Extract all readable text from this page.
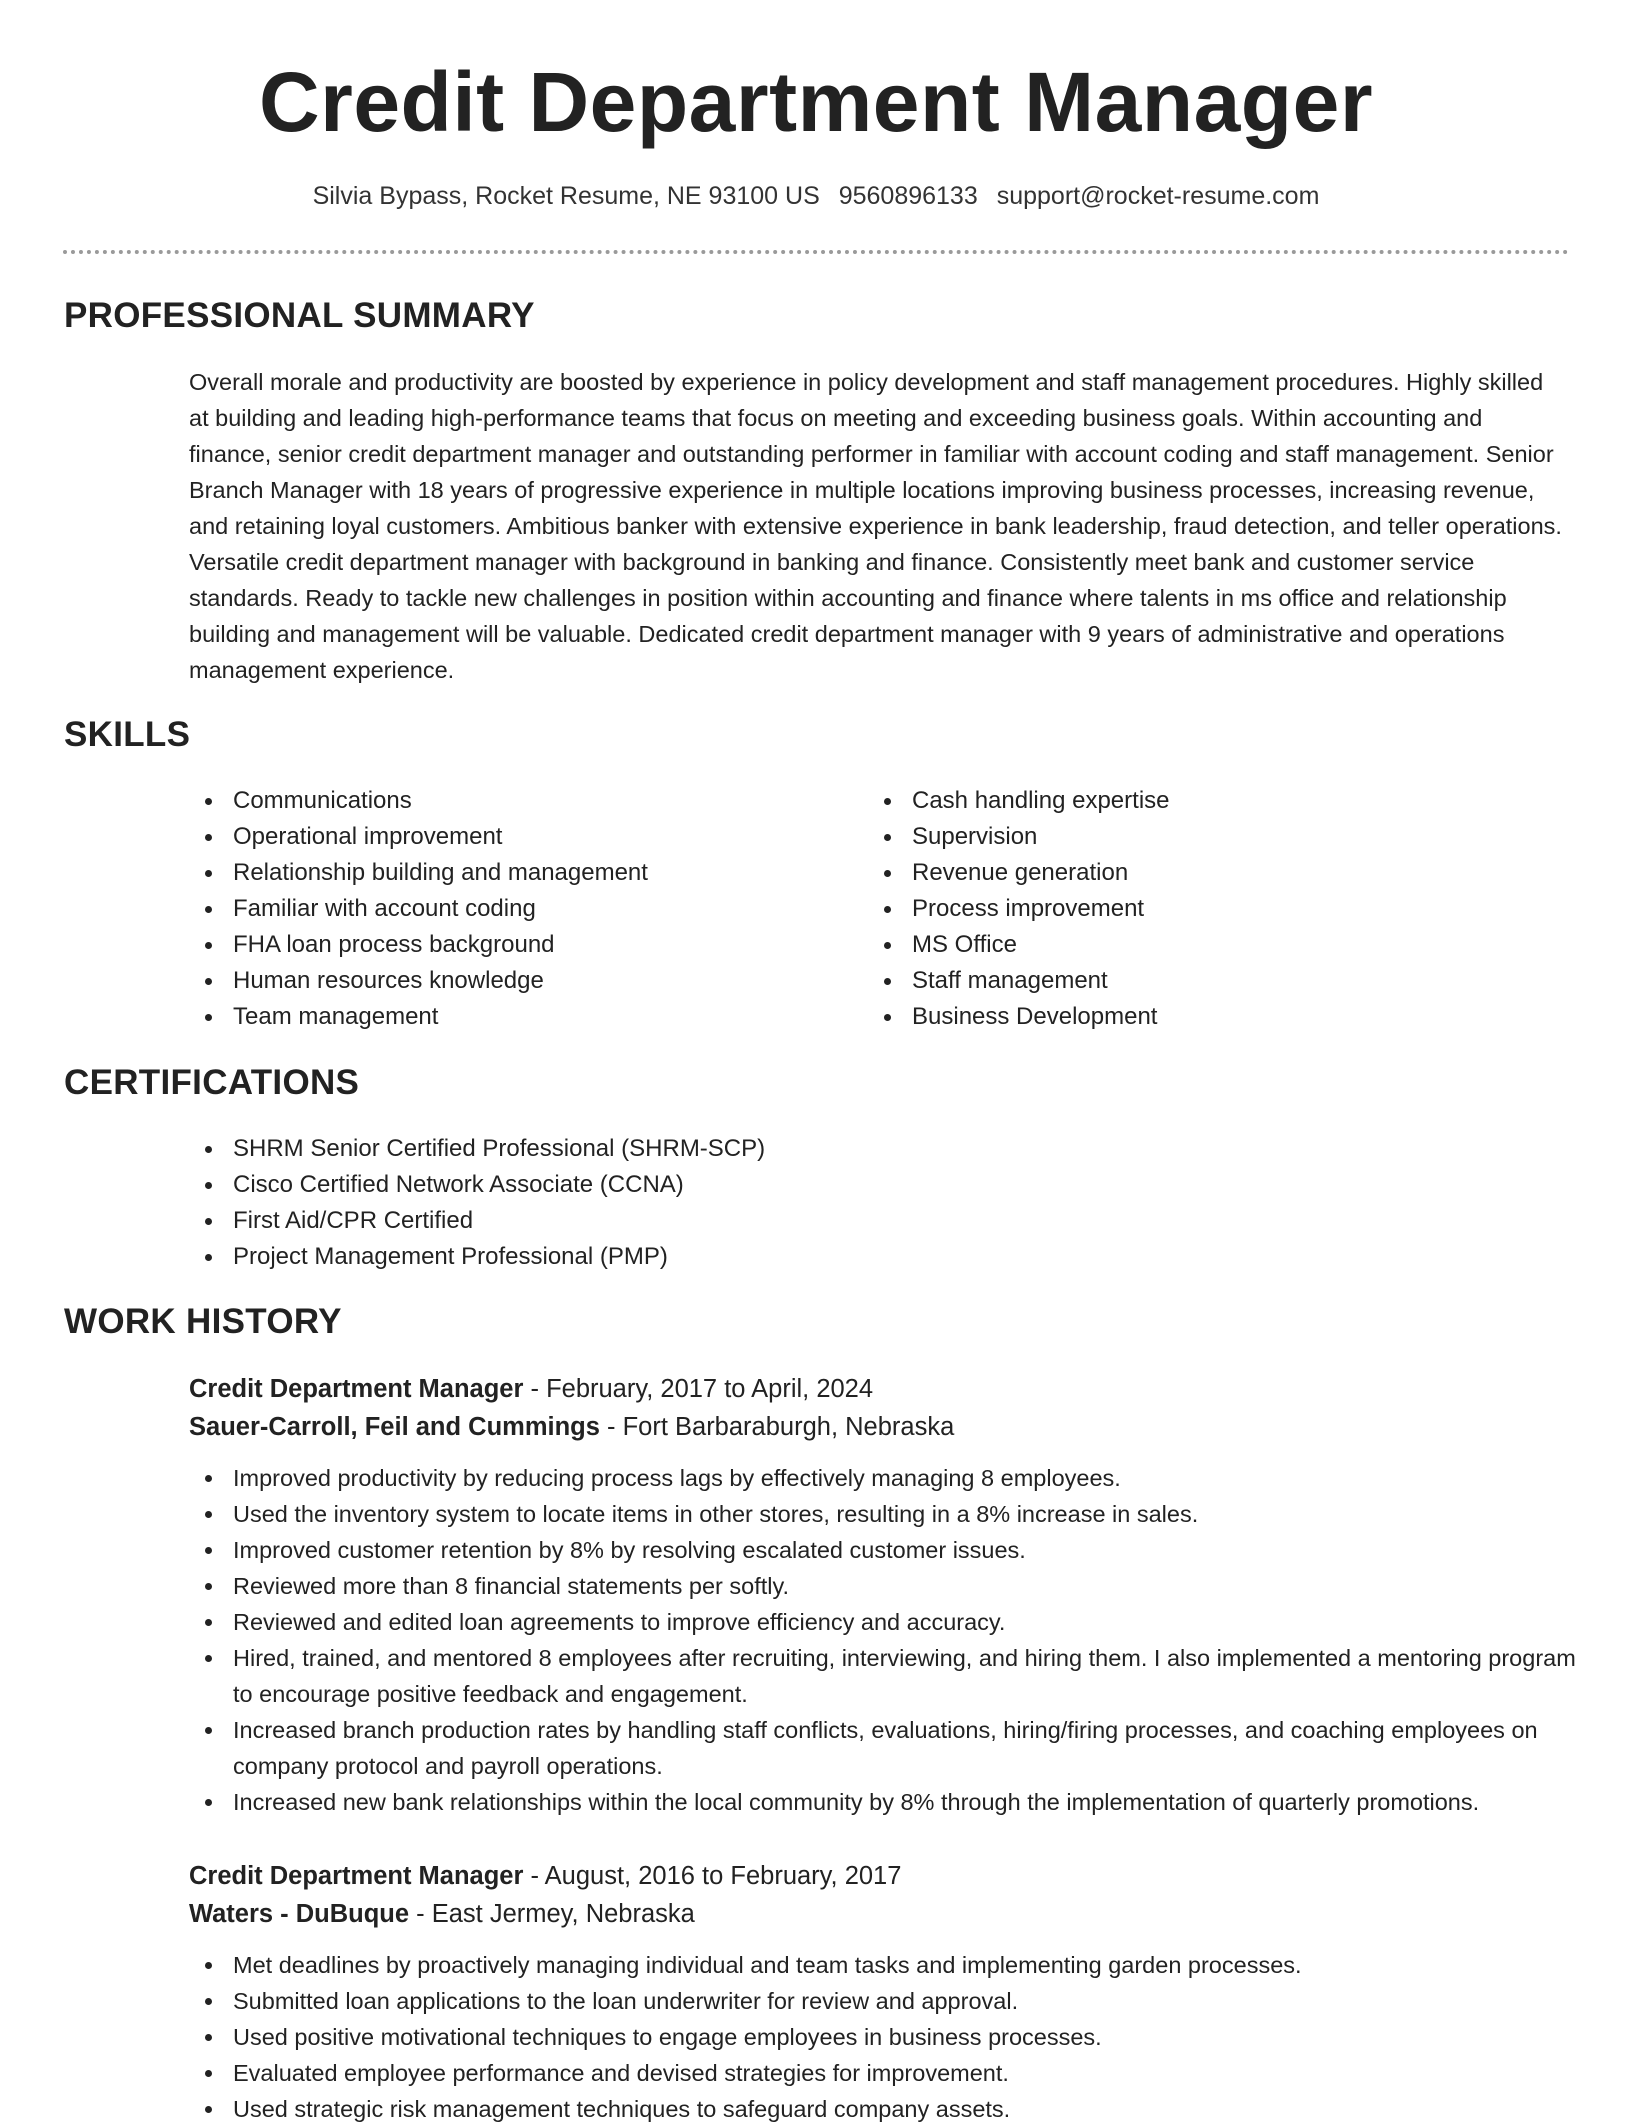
Credit Department Manager
Silvia Bypass, Rocket Resume, NE 93100 US 9560896133 support@rocket-resume.com
PROFESSIONAL SUMMARY
Overall morale and productivity are boosted by experience in policy development and staff management procedures. Highly skilled at building and leading high-performance teams that focus on meeting and exceeding business goals. Within accounting and finance, senior credit department manager and outstanding performer in familiar with account coding and staff management. Senior Branch Manager with 18 years of progressive experience in multiple locations improving business processes, increasing revenue, and retaining loyal customers. Ambitious banker with extensive experience in bank leadership, fraud detection, and teller operations. Versatile credit department manager with background in banking and finance. Consistently meet bank and customer service standards. Ready to tackle new challenges in position within accounting and finance where talents in ms office and relationship building and management will be valuable. Dedicated credit department manager with 9 years of administrative and operations management experience.
SKILLS
Communications
Operational improvement
Relationship building and management
Familiar with account coding
FHA loan process background
Human resources knowledge
Team management
Cash handling expertise
Supervision
Revenue generation
Process improvement
MS Office
Staff management
Business Development
CERTIFICATIONS
SHRM Senior Certified Professional (SHRM-SCP)
Cisco Certified Network Associate (CCNA)
First Aid/CPR Certified
Project Management Professional (PMP)
WORK HISTORY
Credit Department Manager - February, 2017 to April, 2024
Sauer-Carroll, Feil and Cummings - Fort Barbaraburgh, Nebraska
Improved productivity by reducing process lags by effectively managing 8 employees.
Used the inventory system to locate items in other stores, resulting in a 8% increase in sales.
Improved customer retention by 8% by resolving escalated customer issues.
Reviewed more than 8 financial statements per softly.
Reviewed and edited loan agreements to improve efficiency and accuracy.
Hired, trained, and mentored 8 employees after recruiting, interviewing, and hiring them. I also implemented a mentoring program to encourage positive feedback and engagement.
Increased branch production rates by handling staff conflicts, evaluations, hiring/firing processes, and coaching employees on company protocol and payroll operations.
Increased new bank relationships within the local community by 8% through the implementation of quarterly promotions.
Credit Department Manager - August, 2016 to February, 2017
Waters - DuBuque - East Jermey, Nebraska
Met deadlines by proactively managing individual and team tasks and implementing garden processes.
Submitted loan applications to the loan underwriter for review and approval.
Used positive motivational techniques to engage employees in business processes.
Evaluated employee performance and devised strategies for improvement.
Used strategic risk management techniques to safeguard company assets.
